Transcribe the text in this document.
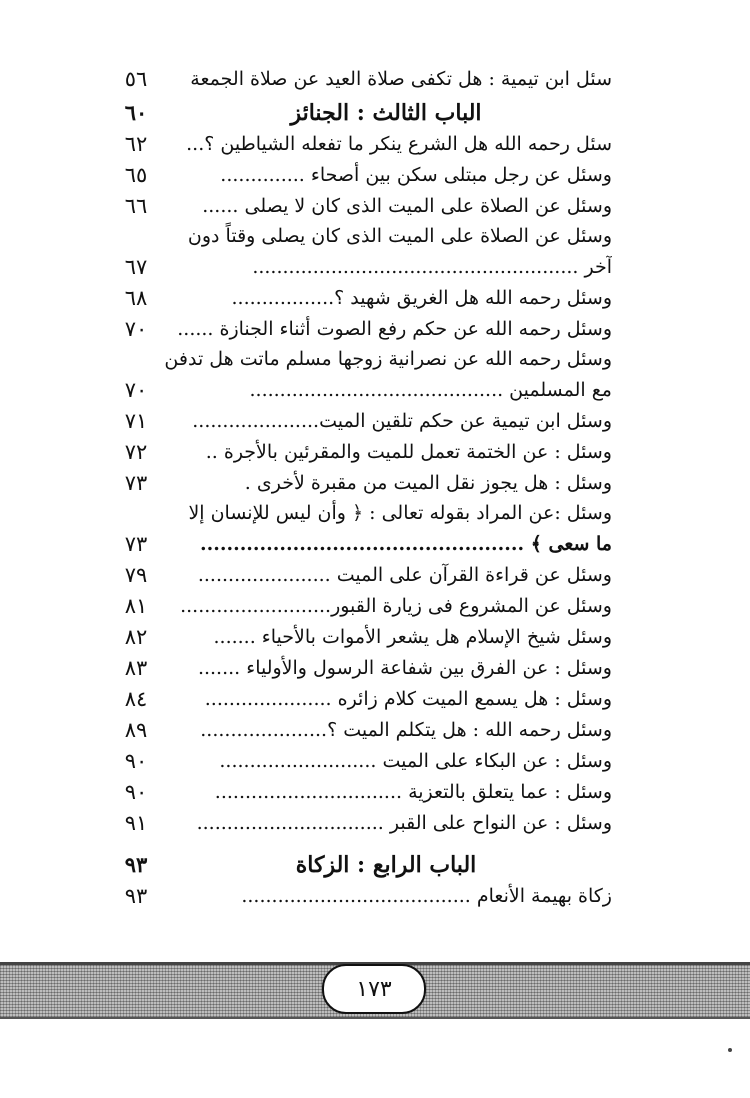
سئل ابن تيمية : هل تكفى صلاة العيد عن صلاة الجمعة
٥٦
الباب الثالث : الجنائز
٦٠
سئل رحمه الله هل الشرع ينكر ما تفعله الشياطين ؟...
٦٢
وسئل عن رجل مبتلى سكن بين أصحاء ..............
٦٥
وسئل عن الصلاة على الميت الذى كان لا يصلى ......
٦٦
وسئل عن الصلاة على الميت الذى كان يصلى وقتاً دون
آخر ......................................................
٦٧
وسئل رحمه الله هل الغريق شهيد ؟.................
٦٨
وسئل رحمه الله عن حكم رفع الصوت أثناء الجنازة ......
٧٠
وسئل رحمه الله عن نصرانية زوجها مسلم ماتت هل تدفن
مع المسلمين ..........................................
٧٠
وسئل ابن تيمية عن حكم تلقين الميت.....................
٧١
وسئل : عن الختمة تعمل للميت والمقرئين بالأجرة ..
٧٢
وسئل : هل يجوز نقل الميت من مقبرة لأخرى .
٧٣
وسئل :عن المراد بقوله تعالى : ﴿ وأن ليس للإنسان إلا
ما سعى ﴾ .................................................
٧٣
وسئل عن قراءة القرآن على الميت ......................
٧٩
وسئل عن المشروع فى زيارة القبور.........................
٨١
وسئل شيخ الإسلام هل يشعر الأموات بالأحياء .......
٨٢
وسئل : عن الفرق بين شفاعة الرسول والأولياء .......
٨٣
وسئل : هل يسمع الميت كلام زائره .....................
٨٤
وسئل رحمه الله : هل يتكلم الميت ؟.....................
٨٩
وسئل : عن البكاء على الميت ..........................
٩٠
وسئل : عما يتعلق بالتعزية ...............................
٩٠
وسئل : عن النواح على القبر ...............................
٩١
الباب الرابع : الزكاة
٩٣
زكاة بهيمة الأنعام ......................................
٩٣
١٧٣
